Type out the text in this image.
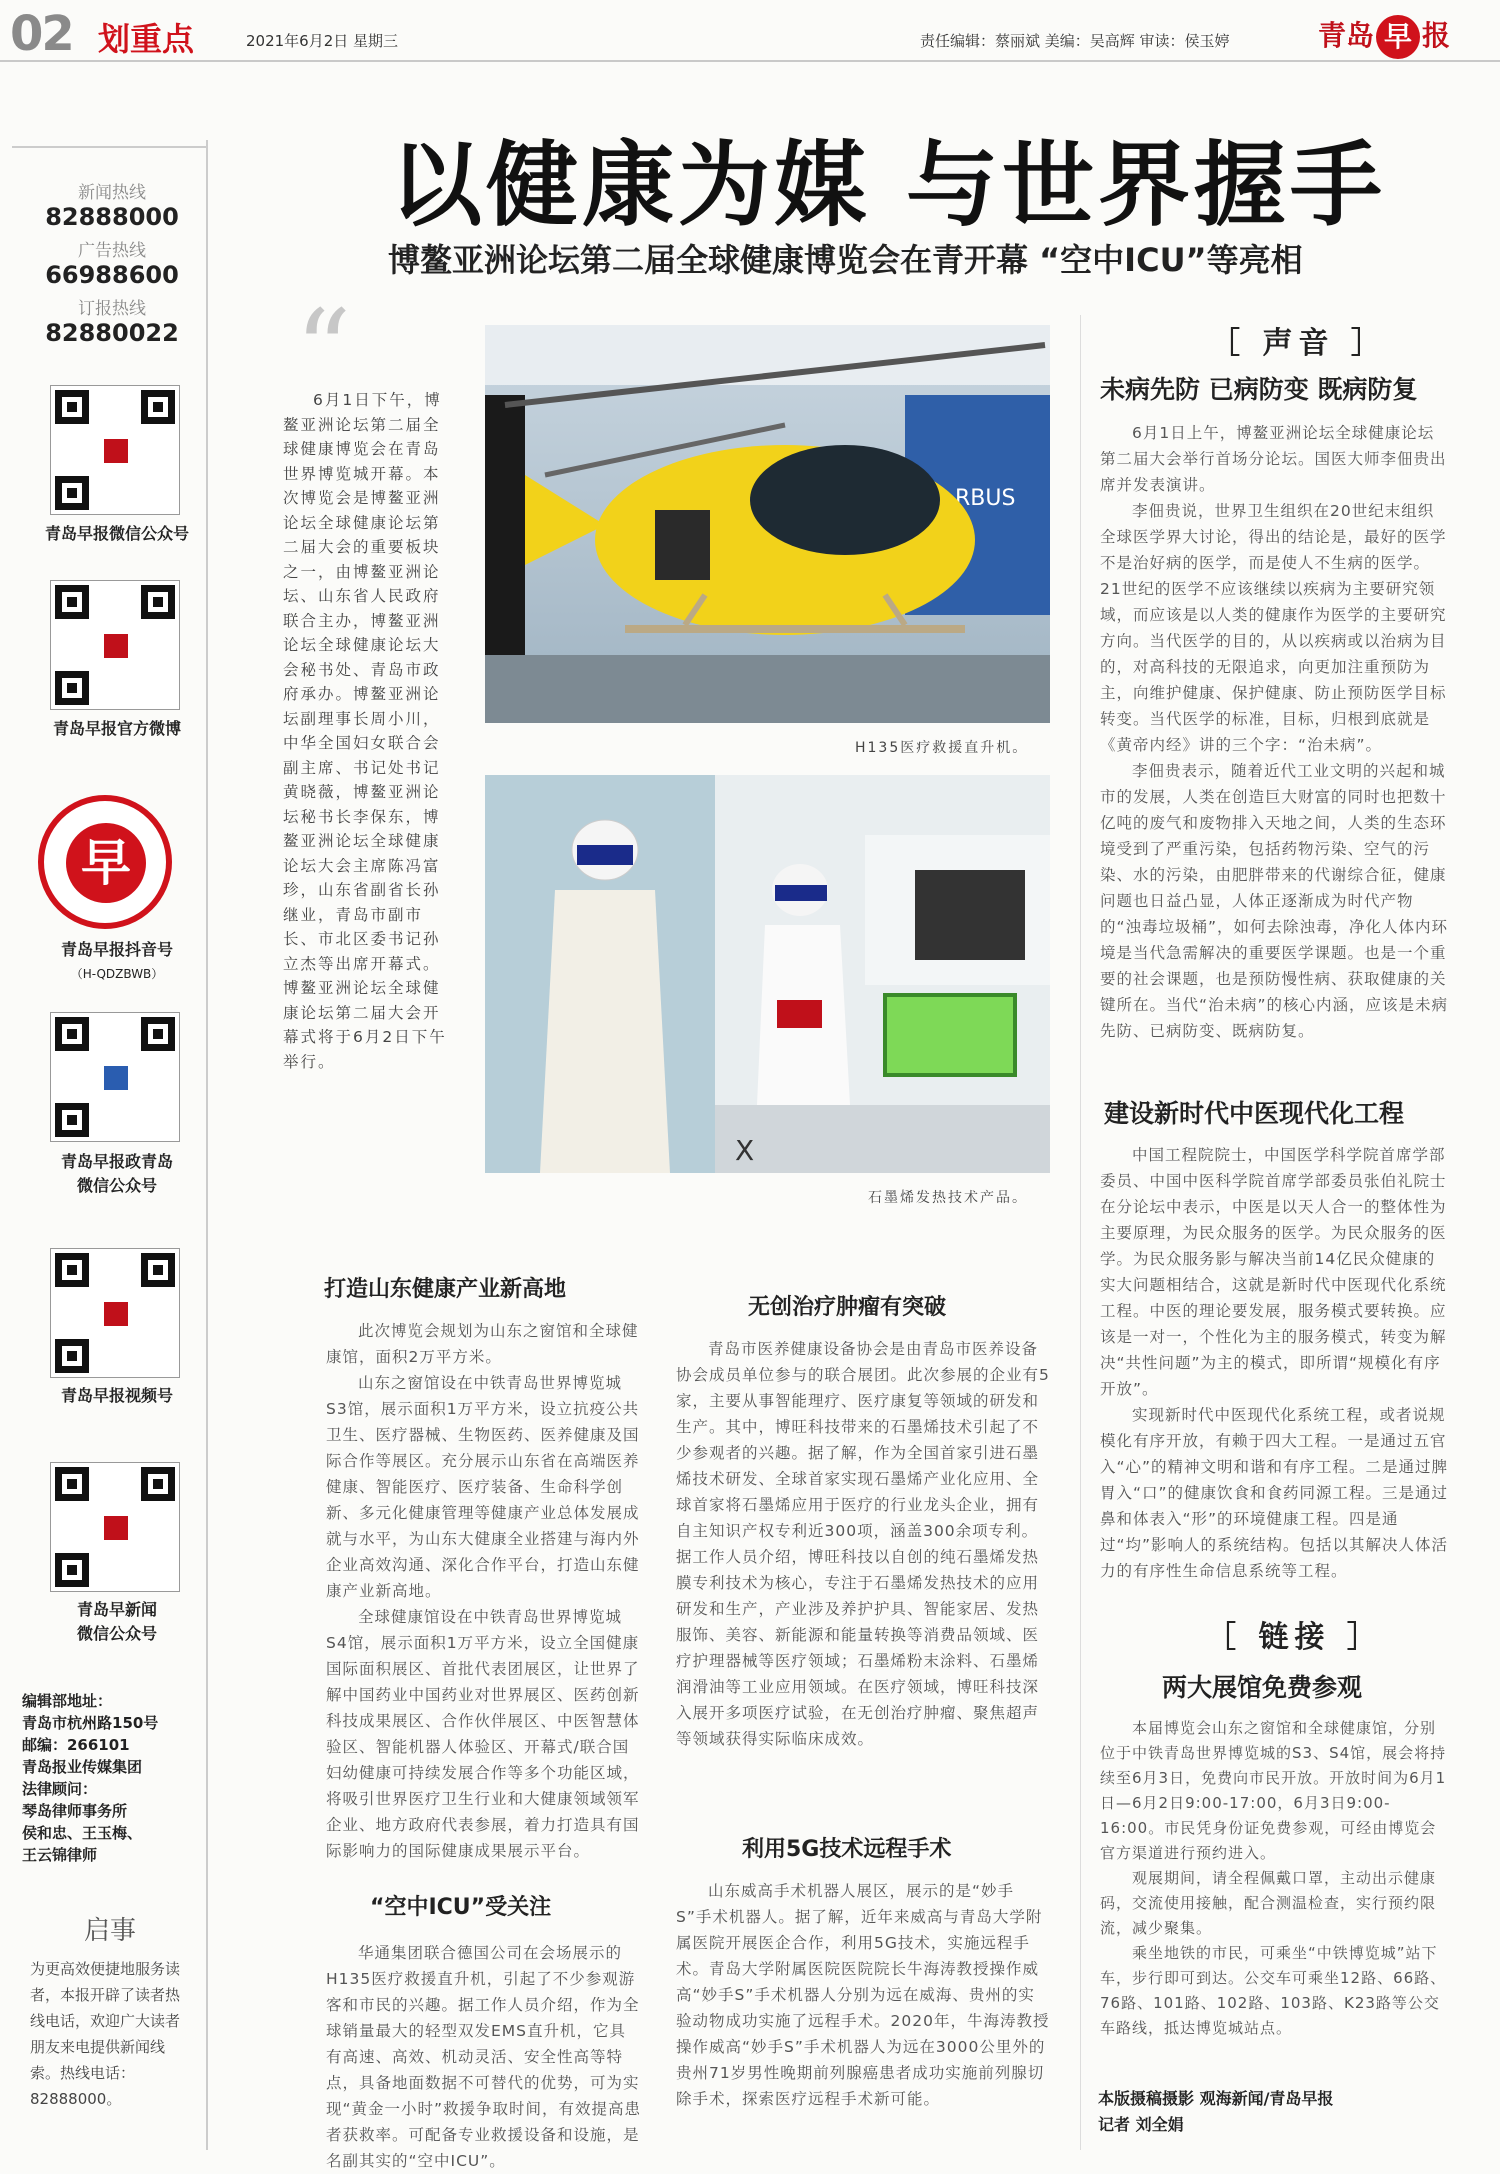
02 划重点	2021年6月2日 星期三	责任编辑：蔡丽斌 美编：吴高辉 审读：侯玉婷	青岛 早 报
新闻热线
82888000
广告热线
66988600
订报热线
82880022
青岛早报微信公众号
青岛早报官方微博
早
青岛早报抖音号
（H-QDZBWB）
青岛早报政青岛
微信公众号
青岛早报视频号
青岛早新闻
微信公众号
编辑部地址：
青岛市杭州路150号
邮编：266101
青岛报业传媒集团
法律顾问：
琴岛律师事务所
侯和忠、王玉梅、
王云锦律师
启事
为更高效便捷地服务读者，本报开辟了读者热线电话，欢迎广大读者朋友来电提供新闻线索。热线电话：82888000。
以健康为媒 与世界握手
博鳌亚洲论坛第二届全球健康博览会在青开幕 “空中ICU”等亮相
“
6月1日下午，博鳌亚洲论坛第二届全球健康博览会在青岛世界博览城开幕。本次博览会是博鳌亚洲论坛全球健康论坛第二届大会的重要板块之一，由博鳌亚洲论坛、山东省人民政府联合主办，博鳌亚洲论坛全球健康论坛大会秘书处、青岛市政府承办。博鳌亚洲论坛副理事长周小川，中华全国妇女联合会副主席、书记处书记黄晓薇，博鳌亚洲论坛秘书长李保东，博鳌亚洲论坛全球健康论坛大会主席陈冯富珍，山东省副省长孙继业，青岛市副市长、市北区委书记孙立杰等出席开幕式。博鳌亚洲论坛全球健康论坛第二届大会开幕式将于6月2日下午举行。
RBUS
H135医疗救援直升机。
Ⅹ
石墨烯发热技术产品。
打造山东健康产业新高地

此次博览会规划为山东之窗馆和全球健康馆，面积2万平方米。

山东之窗馆设在中铁青岛世界博览城S3馆，展示面积1万平方米，设立抗疫公共卫生、医疗器械、生物医药、医养健康及国际合作等展区。充分展示山东省在高端医养健康、智能医疗、医疗装备、生命科学创新、多元化健康管理等健康产业总体发展成就与水平，为山东大健康全业搭建与海内外企业高效沟通、深化合作平台，打造山东健康产业新高地。

全球健康馆设在中铁青岛世界博览城S4馆，展示面积1万平方米，设立全国健康国际面积展区、首批代表团展区，让世界了解中国药业中国药业对世界展区、医药创新科技成果展区、合作伙伴展区、中医智慧体验区、智能机器人体验区、开幕式/联合国妇幼健康可持续发展合作等多个功能区域，将吸引世界医疗卫生行业和大健康领域领军企业、地方政府代表参展，着力打造具有国际影响力的国际健康成果展示平台。

“空中ICU”受关注
华通集团联合德国公司在会场展示的H135医疗救援直升机，引起了不少参观游客和市民的兴趣。据工作人员介绍，作为全球销量最大的轻型双发EMS直升机，它具有高速、高效、机动灵活、安全性高等特点，具备地面数据不可替代的优势，可为实现“黄金一小时”救援争取时间，有效提高患者获救率。可配备专业救援设备和设施，是名副其实的“空中ICU”。
无创治疗肿瘤有突破
青岛市医养健康设备协会是由青岛市医养设备协会成员单位参与的联合展团。此次参展的企业有5家，主要从事智能理疗、医疗康复等领域的研发和生产。其中，博旺科技带来的石墨烯技术引起了不少参观者的兴趣。据了解，作为全国首家引进石墨烯技术研发、全球首家实现石墨烯产业化应用、全球首家将石墨烯应用于医疗的行业龙头企业，拥有自主知识产权专利近300项，涵盖300余项专利。据工作人员介绍，博旺科技以自创的纯石墨烯发热膜专利技术为核心，专注于石墨烯发热技术的应用研发和生产，产业涉及养护护具、智能家居、发热服饰、美容、新能源和能量转换等消费品领域、医疗护理器械等医疗领域；石墨烯粉末涂料、石墨烯润滑油等工业应用领域。在医疗领域，博旺科技深入展开多项医疗试验，在无创治疗肿瘤、聚焦超声等领域获得实际临床成效。
利用5G技术远程手术
山东威高手术机器人展区，展示的是“妙手S”手术机器人。据了解，近年来威高与青岛大学附属医院开展医企合作，利用5G技术，实施远程手术。青岛大学附属医院医院院长牛海涛教授操作威高“妙手S”手术机器人分别为远在威海、贵州的实验动物成功实施了远程手术。2020年，牛海涛教授操作威高“妙手S”手术机器人为远在3000公里外的贵州71岁男性晚期前列腺癌患者成功实施前列腺切除手术，探索医疗远程手术新可能。
［ 声音 ］
未病先防 已病防变 既病防复

6月1日上午，博鳌亚洲论坛全球健康论坛第二届大会举行首场分论坛。国医大师李佃贵出席并发表演讲。

李佃贵说，世界卫生组织在20世纪末组织全球医学界大讨论，得出的结论是，最好的医学不是治好病的医学，而是使人不生病的医学。21世纪的医学不应该继续以疾病为主要研究领域，而应该是以人类的健康作为医学的主要研究方向。当代医学的目的，从以疾病或以治病为目的，对高科技的无限追求，向更加注重预防为主，向维护健康、保护健康、防止预防医学目标转变。当代医学的标准，目标，归根到底就是《黄帝内经》讲的三个字：“治未病”。

李佃贵表示，随着近代工业文明的兴起和城市的发展，人类在创造巨大财富的同时也把数十亿吨的废气和废物排入天地之间，人类的生态环境受到了严重污染，包括药物污染、空气的污染、水的污染，由肥胖带来的代谢综合征，健康问题也日益凸显，人体正逐渐成为时代产物的“浊毒垃圾桶”，如何去除浊毒，净化人体内环境是当代急需解决的重要医学课题。也是一个重要的社会课题，也是预防慢性病、获取健康的关键所在。当代“治未病”的核心内涵，应该是未病先防、已病防变、既病防复。

建设新时代中医现代化工程

中国工程院院士，中国医学科学院首席学部委员、中国中医科学院首席学部委员张伯礼院士在分论坛中表示，中医是以天人合一的整体性为主要原理，为民众服务的医学。为民众服务的医学。为民众服务影与解决当前14亿民众健康的实大问题相结合，这就是新时代中医现代化系统工程。中医的理论要发展，服务模式要转换。应该是一对一，个性化为主的服务模式，转变为解决“共性问题”为主的模式，即所谓“规模化有序开放”。

实现新时代中医现代化系统工程，或者说规模化有序开放，有赖于四大工程。一是通过五官入“心”的精神文明和谐和有序工程。二是通过脾胃入“口”的健康饮食和食药同源工程。三是通过鼻和体表入“形”的环境健康工程。四是通过“均”影响人的系统结构。包括以其解决人体活力的有序性生命信息系统等工程。

［ 链接 ］
两大展馆免费参观

本届博览会山东之窗馆和全球健康馆，分别位于中铁青岛世界博览城的S3、S4馆，展会将持续至6月3日，免费向市民开放。开放时间为6月1日—6月2日9:00-17:00，6月3日9:00-16:00。市民凭身份证免费参观，可经由博览会官方渠道进行预约进入。

观展期间，请全程佩戴口罩，主动出示健康码，交流使用接触，配合测温检查，实行预约限流，减少聚集。

乘坐地铁的市民，可乘坐“中铁博览城”站下车，步行即可到达。公交车可乘坐12路、66路、76路、101路、102路、103路、K23路等公交车路线，抵达博览城站点。

本版摄稿摄影 观海新闻/青岛早报
记者 刘全娟
